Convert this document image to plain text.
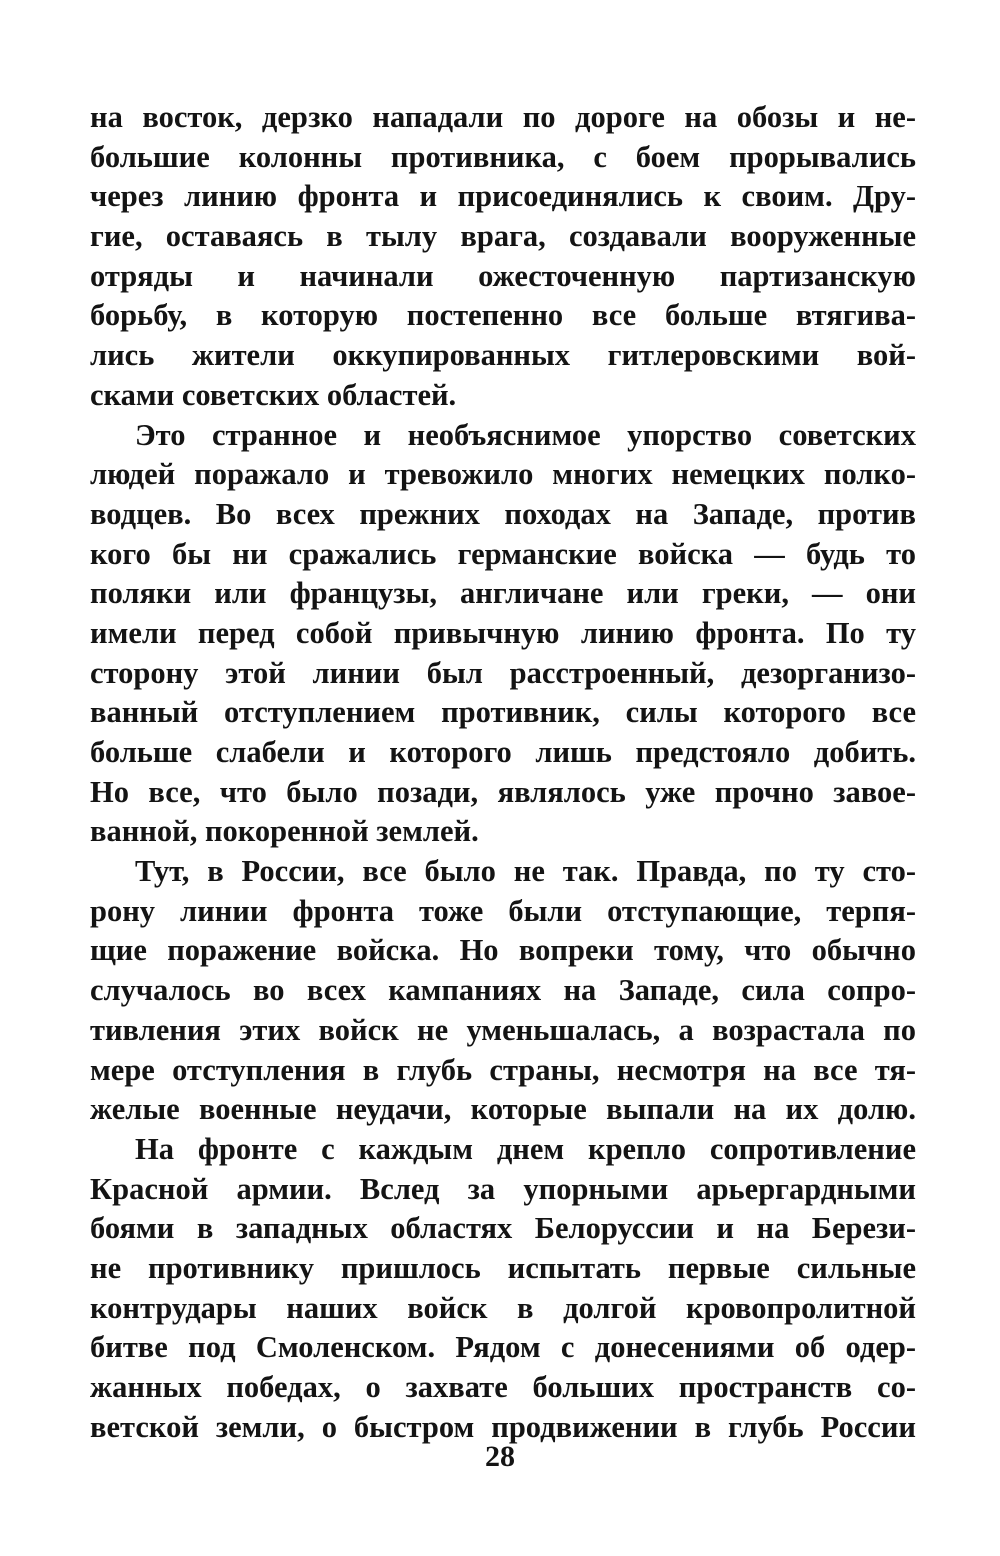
на восток, дерзко нападали по дороге на обозы и не-
большие колонны противника, с боем прорывались
через линию фронта и присоединялись к своим. Дру-
гие, оставаясь в тылу врага, создавали вооруженные
отряды и начинали ожесточенную партизанскую
борьбу, в которую постепенно все больше втягива-
лись жители оккупированных гитлеровскими вой-
сками советских областей.
Это странное и необъяснимое упорство советских
людей поражало и тревожило многих немецких полко-
водцев. Во всех прежних походах на Западе, против
кого бы ни сражались германские войска — будь то
поляки или французы, англичане или греки, — они
имели перед собой привычную линию фронта. По ту
сторону этой линии был расстроенный, дезорганизо-
ванный отступлением противник, силы которого все
больше слабели и которого лишь предстояло добить.
Но все, что было позади, являлось уже прочно завое-
ванной, покоренной землей.
Тут, в России, все было не так. Правда, по ту сто-
рону линии фронта тоже были отступающие, терпя-
щие поражение войска. Но вопреки тому, что обычно
случалось во всех кампаниях на Западе, сила сопро-
тивления этих войск не уменьшалась, а возрастала по
мере отступления в глубь страны, несмотря на все тя-
желые военные неудачи, которые выпали на их долю.
На фронте с каждым днем крепло сопротивление
Красной армии. Вслед за упорными арьергардными
боями в западных областях Белоруссии и на Берези-
не противнику пришлось испытать первые сильные
контрудары наших войск в долгой кровопролитной
битве под Смоленском. Рядом с донесениями об одер-
жанных победах, о захвате больших пространств со-
ветской земли, о быстром продвижении в глубь России
28
